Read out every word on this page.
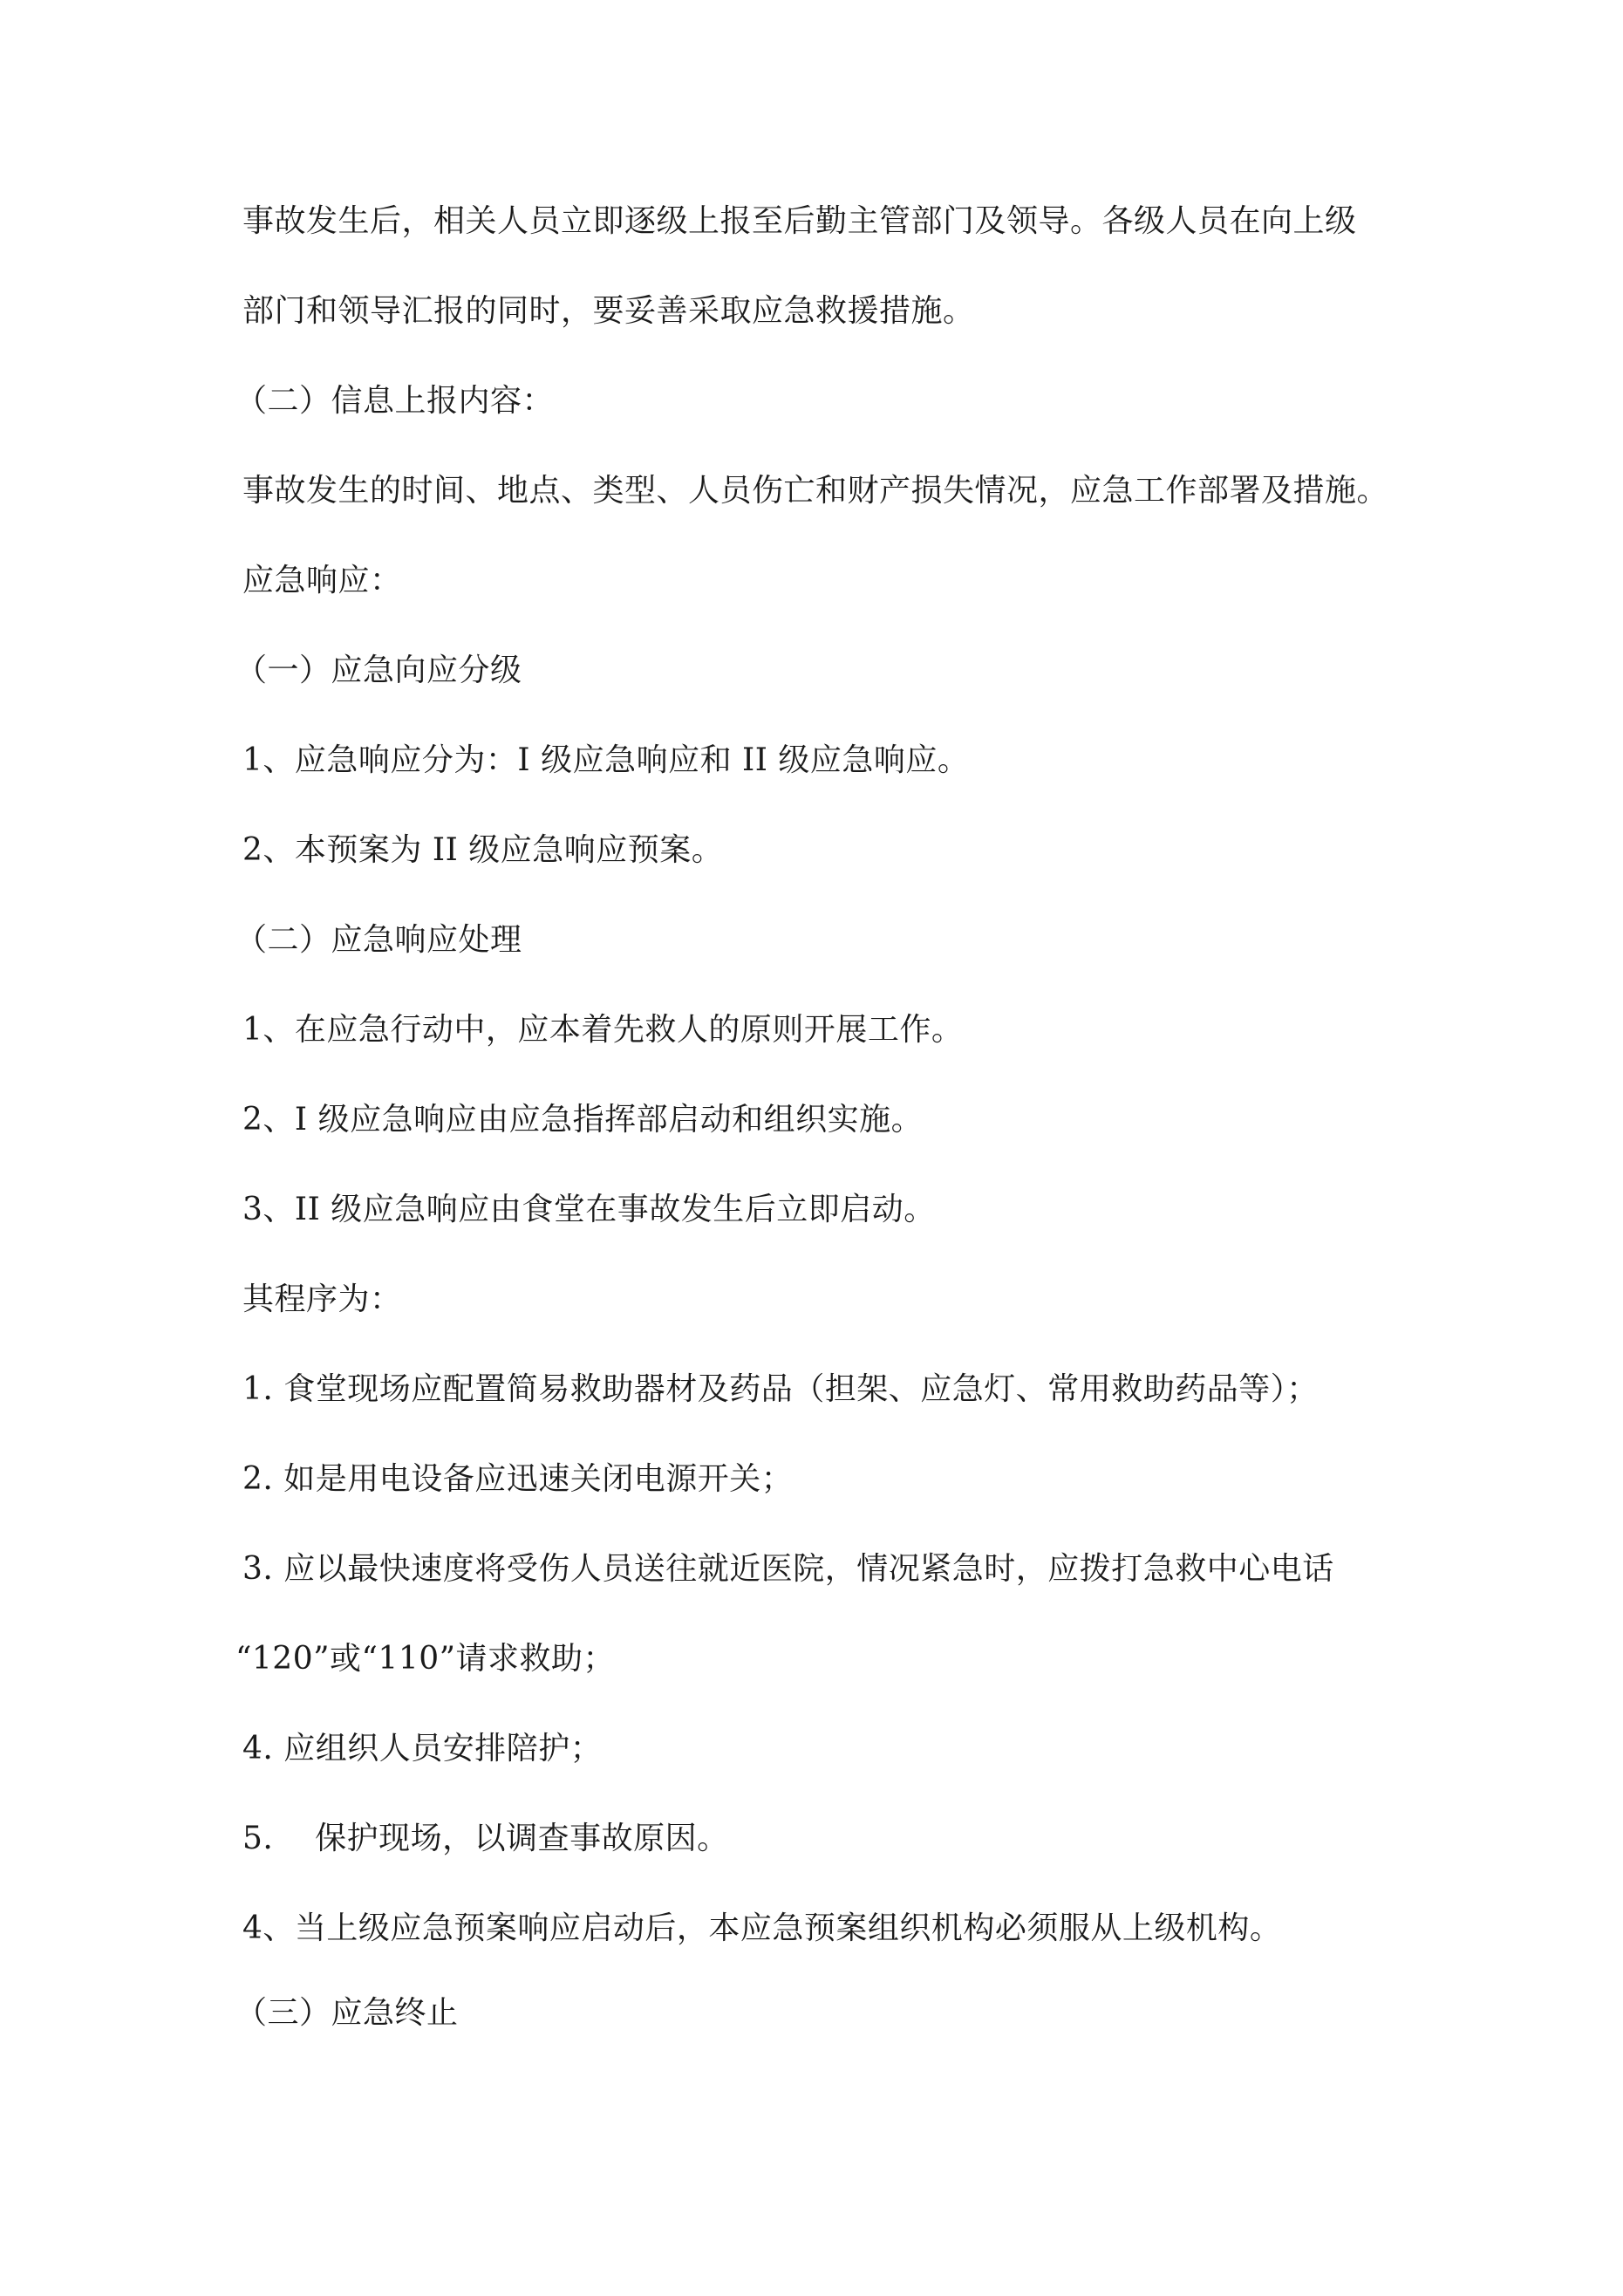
事故发生后，相关人员立即逐级上报至后勤主管部门及领导。各级人员在向上级

部门和领导汇报的同时，要妥善采取应急救援措施。

（二）信息上报内容：

事故发生的时间、地点、类型、人员伤亡和财产损失情况，应急工作部署及措施。

应急响应：

（一）应急向应分级

1、应急响应分为：I 级应急响应和 II 级应急响应。

2、本预案为 II 级应急响应预案。

（二）应急响应处理

1、在应急行动中，应本着先救人的原则开展工作。

2、I 级应急响应由应急指挥部启动和组织实施。

3、II 级应急响应由食堂在事故发生后立即启动。

其程序为：

1. 食堂现场应配置简易救助器材及药品（担架、应急灯、常用救助药品等）；

2. 如是用电设备应迅速关闭电源开关；

3. 应以最快速度将受伤人员送往就近医院，情况紧急时，应拨打急救中心电话

“120”或“110”请求救助；

4. 应组织人员安排陪护；

5.    保护现场，以调查事故原因。

4、当上级应急预案响应启动后，本应急预案组织机构必须服从上级机构。

（三）应急终止
